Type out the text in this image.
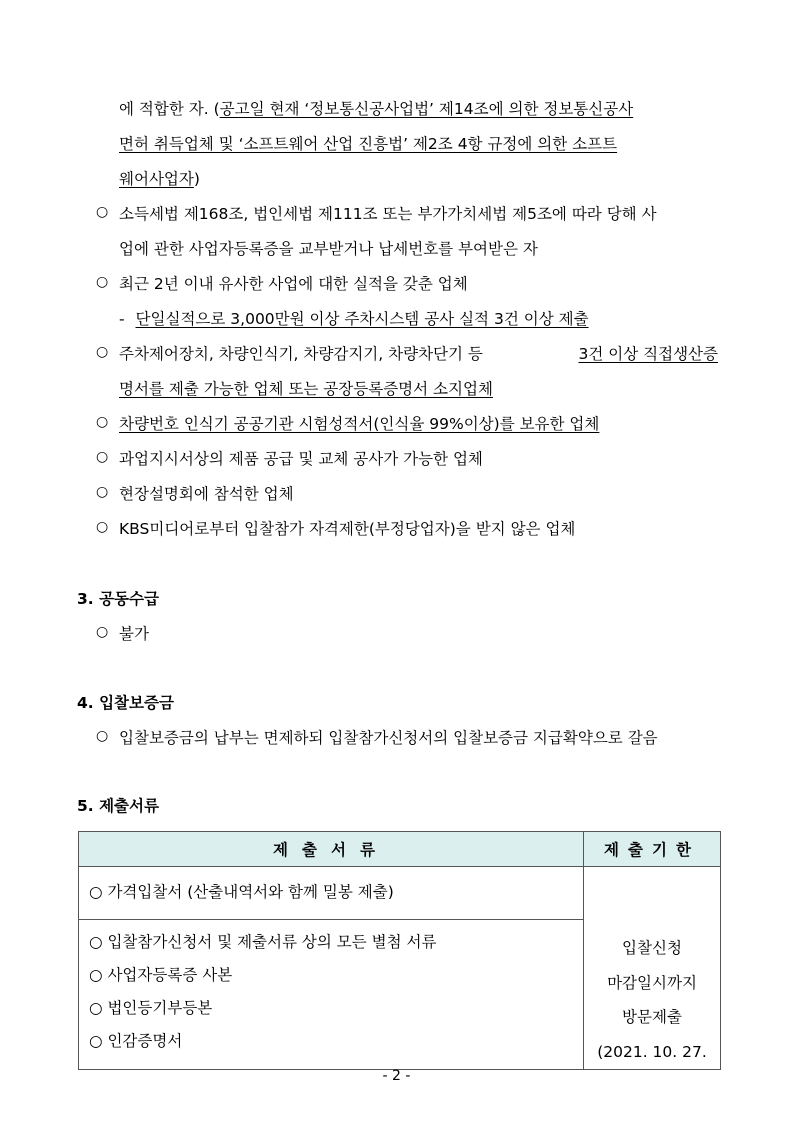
에 적합한 자. (공고일 현재 ‘정보통신공사업법’ 제14조에 의한 정보통신공사
면허 취득업체 및 ‘소프트웨어 산업 진흥법’ 제2조 4항 규정에 의한 소프트
웨어사업자)
○ 소득세법 제168조, 법인세법 제111조 또는 부가가치세법 제5조에 따라 당해 사
업에 관한 사업자등록증을 교부받거나 납세번호를 부여받은 자
○ 최근 2년 이내 유사한 사업에 대한 실적을 갖춘 업체
- 단일실적으로 3,000만원 이상 주차시스템 공사 실적 3건 이상 제출
○ 주차제어장치, 차량인식기, 차량감지기, 차량차단기 등	3건 이상 직접생산증
명서를 제출 가능한 업체 또는 공장등록증명서 소지업체
○ 차량번호 인식기 공공기관 시험성적서(인식율 99%이상)를 보유한 업체
○ 과업지시서상의 제품 공급 및 교체 공사가 가능한 업체
○ 현장설명회에 참석한 업체
○ KBS미디어로부터 입찰참가 자격제한(부정당업자)을 받지 않은 업체
3. 공동수급
○ 불가
4. 입찰보증금
○ 입찰보증금의 납부는 면제하되 입찰참가신청서의 입찰보증금 지급확약으로 갈음
5. 제출서류
제출서류	제출기한

○ 가격입찰서 (산출내역서와 함께 밀봉 제출)	입찰신청
마감일시까지
방문제출
(2021. 10. 27.

○ 입찰참가신청서 및 제출서류 상의 모든 별첨 서류
○ 사업자등록증 사본
○ 법인등기부등본
○ 인감증명서	
- 2 -
